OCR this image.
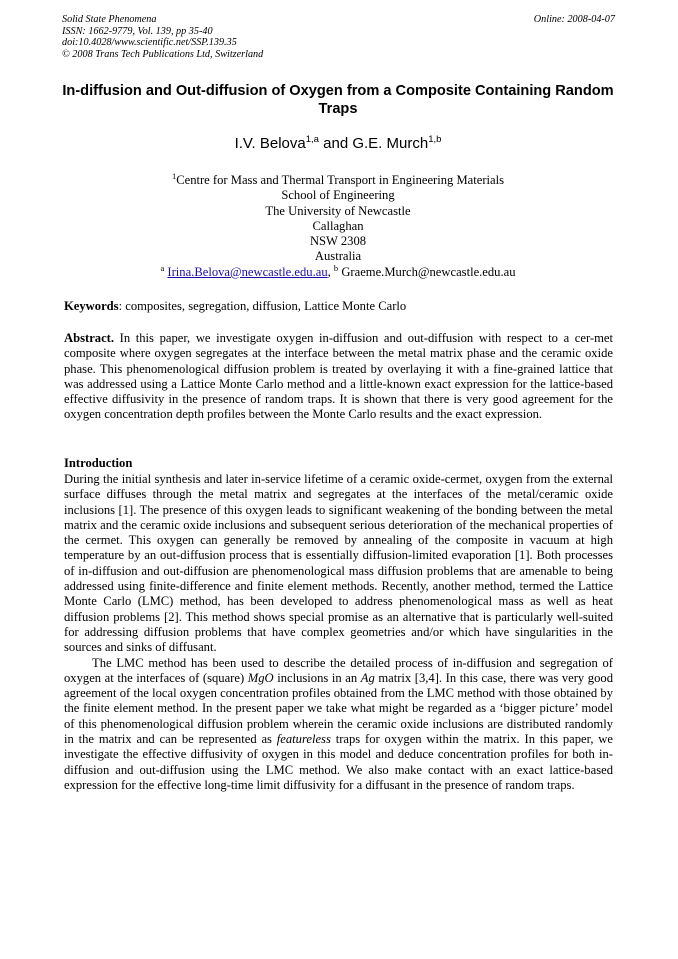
Solid State Phenomena
ISSN: 1662-9779, Vol. 139, pp 35-40
doi:10.4028/www.scientific.net/SSP.139.35
© 2008 Trans Tech Publications Ltd, Switzerland
Online: 2008-04-07
In-diffusion and Out-diffusion of Oxygen from a Composite Containing Random Traps
I.V. Belova$^{1,a}$ and G.E. Murch$^{1,b}$
$^1$Centre for Mass and Thermal Transport in Engineering Materials
School of Engineering
The University of Newcastle
Callaghan
NSW 2308
Australia
$^a$ Irina.Belova@newcastle.edu.au, $^b$ Graeme.Murch@newcastle.edu.au
Keywords: composites, segregation, diffusion, Lattice Monte Carlo
Abstract. In this paper, we investigate oxygen in-diffusion and out-diffusion with respect to a cer-met composite where oxygen segregates at the interface between the metal matrix phase and the ceramic oxide phase. This phenomenological diffusion problem is treated by overlaying it with a fine-grained lattice that was addressed using a Lattice Monte Carlo method and a little-known exact expression for the lattice-based effective diffusivity in the presence of random traps. It is shown that there is very good agreement for the oxygen concentration depth profiles between the Monte Carlo results and the exact expression.
Introduction

During the initial synthesis and later in-service lifetime of a ceramic oxide-cermet, oxygen from the external surface diffuses through the metal matrix and segregates at the interfaces of the metal/ceramic oxide inclusions [1]. The presence of this oxygen leads to significant weakening of the bonding between the metal matrix and the ceramic oxide inclusions and subsequent serious deterioration of the mechanical properties of the cermet. This oxygen can generally be removed by annealing of the composite in vacuum at high temperature by an out-diffusion process that is essentially diffusion-limited evaporation [1]. Both processes of in-diffusion and out-diffusion are phenomenological mass diffusion problems that are amenable to being addressed using finite-difference and finite element methods. Recently, another method, termed the Lattice Monte Carlo (LMC) method, has been developed to address phenomenological mass as well as heat diffusion problems [2]. This method shows special promise as an alternative that is particularly well-suited for addressing diffusion problems that have complex geometries and/or which have singularities in the sources and sinks of diffusant.

The LMC method has been used to describe the detailed process of in-diffusion and segregation of oxygen at the interfaces of (square) MgO inclusions in an Ag matrix [3,4]. In this case, there was very good agreement of the local oxygen concentration profiles obtained from the LMC method with those obtained by the finite element method. In the present paper we take what might be regarded as a ‘bigger picture’ model of this phenomenological diffusion problem wherein the ceramic oxide inclusions are distributed randomly in the matrix and can be represented as featureless traps for oxygen within the matrix. In this paper, we investigate the effective diffusivity of oxygen in this model and deduce concentration profiles for both in-diffusion and out-diffusion using the LMC method. We also make contact with an exact lattice-based expression for the effective long-time limit diffusivity for a diffusant in the presence of random traps.
